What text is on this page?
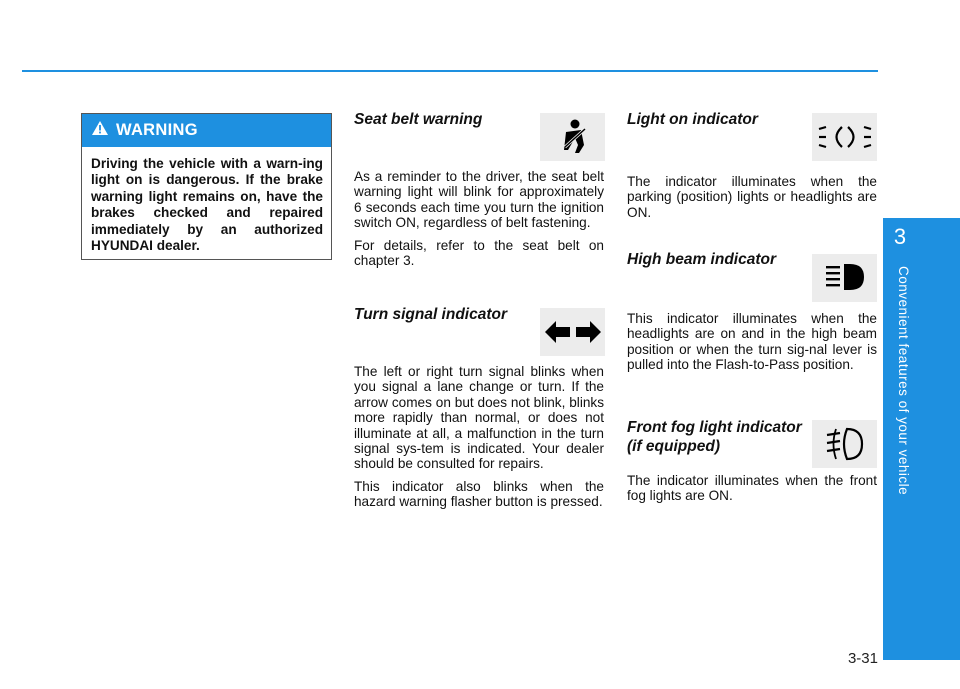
3
Convenient features of your vehicle
3-31
WARNING
Driving the vehicle with a warn-ing light on is dangerous. If the brake warning light remains on, have the brakes checked and repaired immediately by an authorized HYUNDAI dealer.

Seat belt warning

As a reminder to the driver, the seat belt warning light will blink for approximately 6 seconds each time you turn the ignition switch ON, regardless of belt fastening.

For details, refer to the seat belt on chapter 3.

Turn signal indicator

The left or right turn signal blinks when you signal a lane change or turn. If the arrow comes on but does not blink, blinks more rapidly than normal, or does not illuminate at all, a malfunction in the turn signal sys-tem is indicated. Your dealer should be consulted for repairs.

This indicator also blinks when the hazard warning flasher button is pressed.

Light on indicator

The indicator illuminates when the parking (position) lights or headlights are ON.

High beam indicator

This indicator illuminates when the headlights are on and in the high beam position or when the turn sig-nal lever is pulled into the Flash-to-Pass position.

Front fog light indicator

(if equipped)

The indicator illuminates when the front fog lights are ON.
